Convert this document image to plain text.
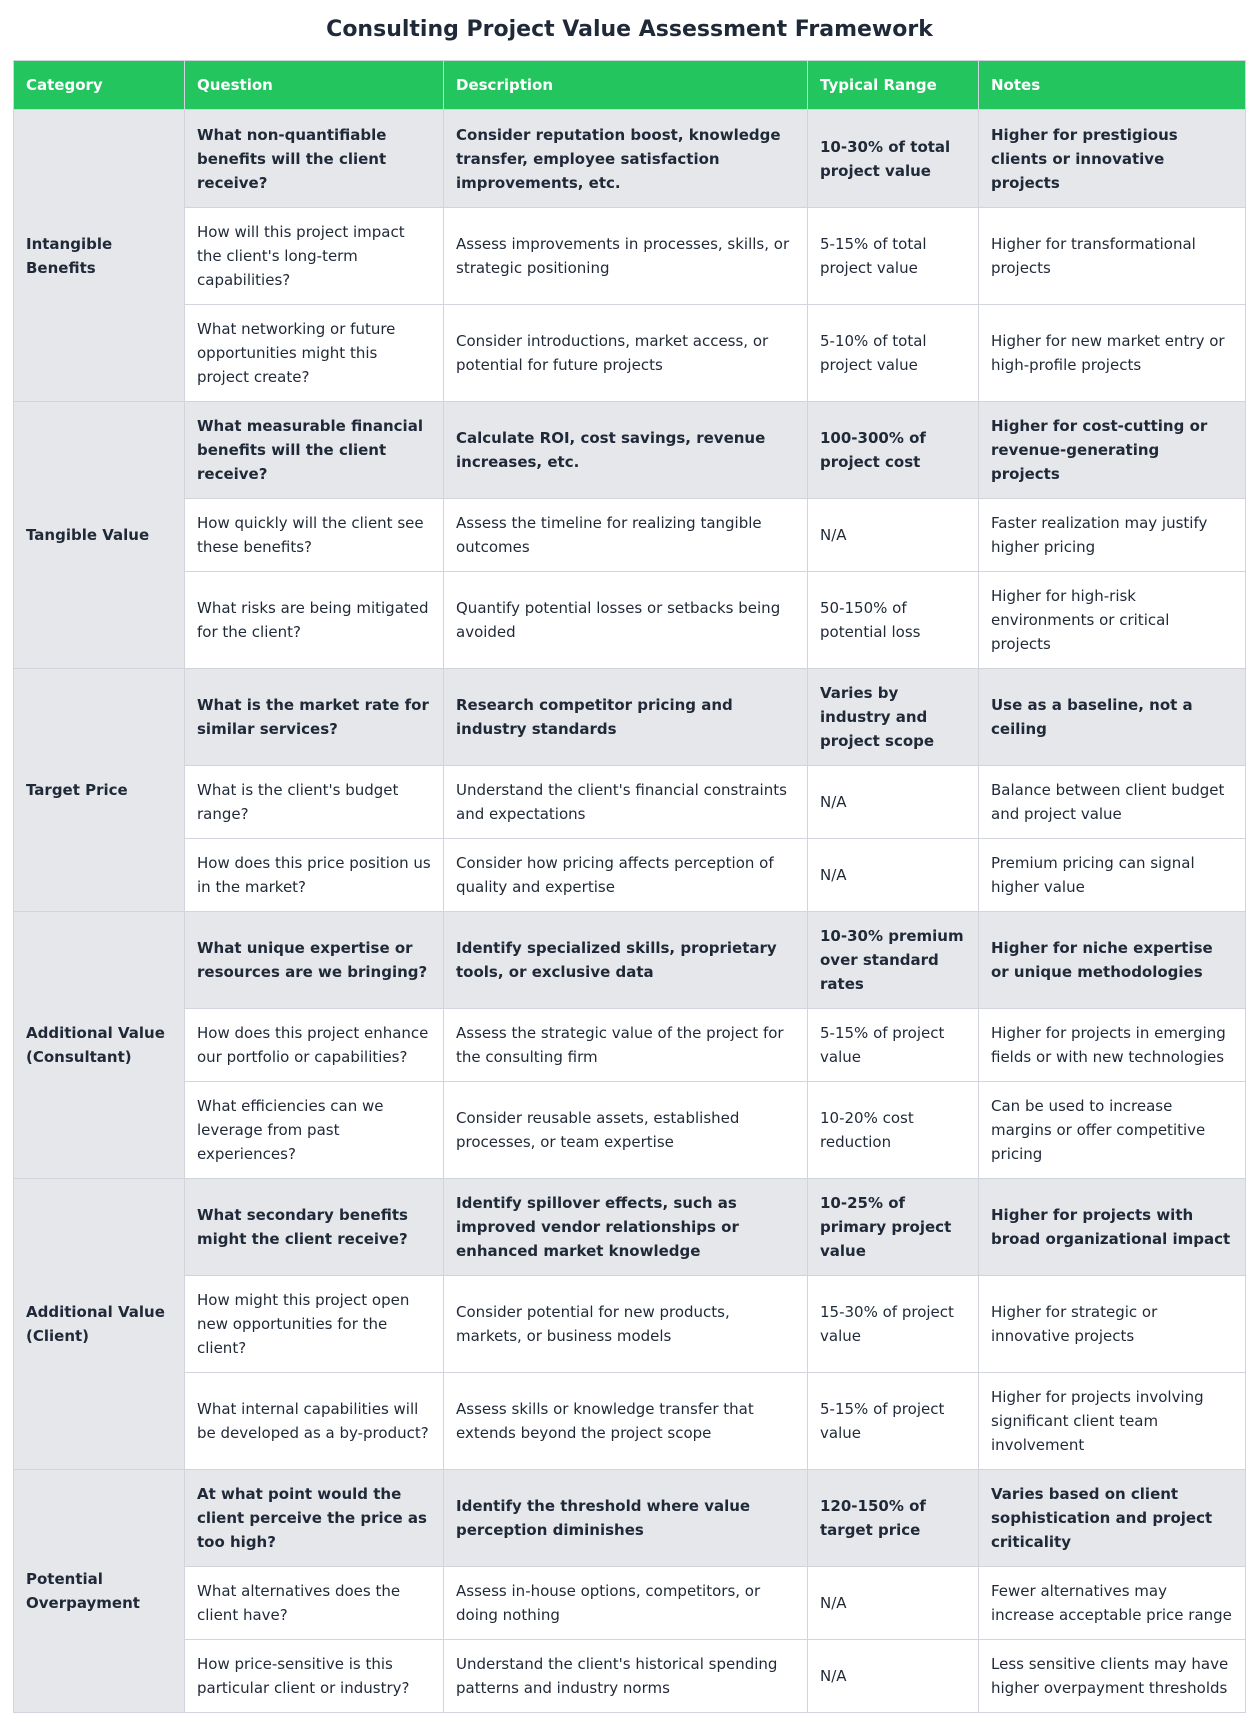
Consulting Project Value Assessment Framework
Category	Question	Description	Typical Range	Notes
Intangible Benefits	What non-quantifiable benefits will the client receive?	Consider reputation boost, knowledge transfer, employee satisfaction improvements, etc.	10-30% of total project value	Higher for prestigious clients or innovative projects
	How will this project impact the client's long-term capabilities?	Assess improvements in processes, skills, or strategic positioning	5-15% of total project value	Higher for transformational projects
	What networking or future opportunities might this project create?	Consider introductions, market access, or potential for future projects	5-10% of total project value	Higher for new market entry or high-profile projects
Tangible Value	What measurable financial benefits will the client receive?	Calculate ROI, cost savings, revenue increases, etc.	100-300% of project cost	Higher for cost-cutting or revenue-generating projects
	How quickly will the client see these benefits?	Assess the timeline for realizing tangible outcomes	N/A	Faster realization may justify higher pricing
	What risks are being mitigated for the client?	Quantify potential losses or setbacks being avoided	50-150% of potential loss	Higher for high-risk environments or critical projects
Target Price	What is the market rate for similar services?	Research competitor pricing and industry standards	Varies by industry and project scope	Use as a baseline, not a ceiling
	What is the client's budget range?	Understand the client's financial constraints and expectations	N/A	Balance between client budget and project value
	How does this price position us in the market?	Consider how pricing affects perception of quality and expertise	N/A	Premium pricing can signal higher value
Additional Value (Consultant)	What unique expertise or resources are we bringing?	Identify specialized skills, proprietary tools, or exclusive data	10-30% premium over standard rates	Higher for niche expertise or unique methodologies
	How does this project enhance our portfolio or capabilities?	Assess the strategic value of the project for the consulting firm	5-15% of project value	Higher for projects in emerging fields or with new technologies
	What efficiencies can we leverage from past experiences?	Consider reusable assets, established processes, or team expertise	10-20% cost reduction	Can be used to increase margins or offer competitive pricing
Additional Value (Client)	What secondary benefits might the client receive?	Identify spillover effects, such as improved vendor relationships or enhanced market knowledge	10-25% of primary project value	Higher for projects with broad organizational impact
	How might this project open new opportunities for the client?	Consider potential for new products, markets, or business models	15-30% of project value	Higher for strategic or innovative projects
	What internal capabilities will be developed as a by-product?	Assess skills or knowledge transfer that extends beyond the project scope	5-15% of project value	Higher for projects involving significant client team involvement
Potential Overpayment	At what point would the client perceive the price as too high?	Identify the threshold where value perception diminishes	120-150% of target price	Varies based on client sophistication and project criticality
	What alternatives does the client have?	Assess in-house options, competitors, or doing nothing	N/A	Fewer alternatives may increase acceptable price range
	How price-sensitive is this particular client or industry?	Understand the client's historical spending patterns and industry norms	N/A	Less sensitive clients may have higher overpayment thresholds
